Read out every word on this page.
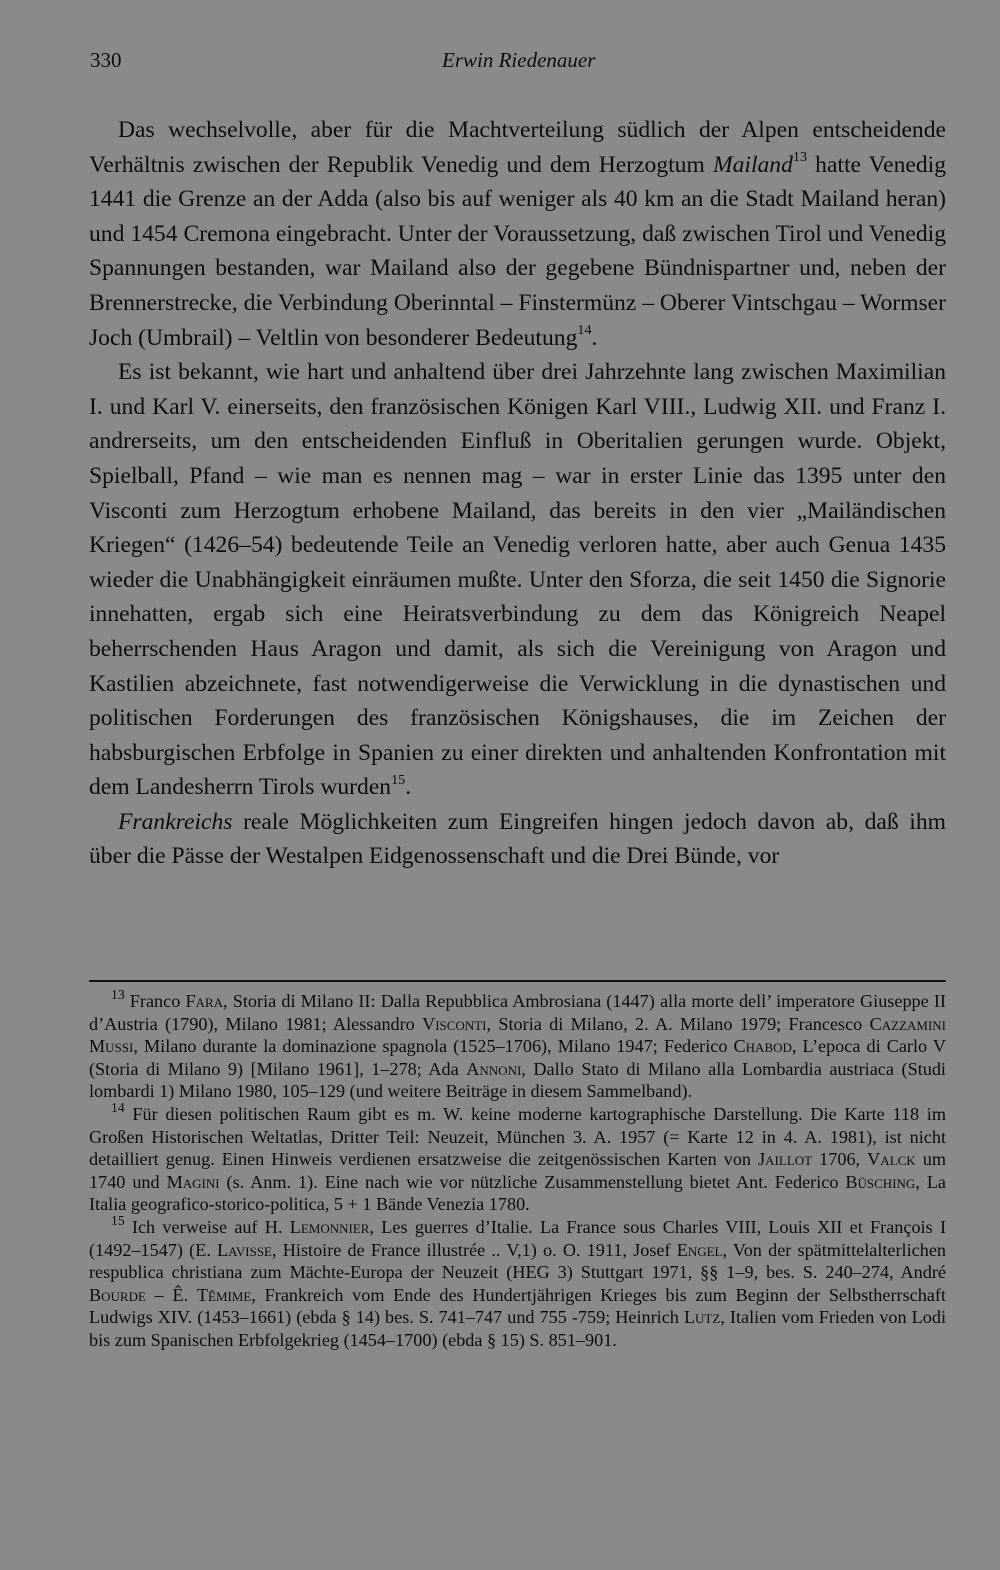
330	Erwin Riedenauer

Das wechselvolle, aber für die Machtverteilung südlich der Alpen entscheidende Verhältnis zwischen der Republik Venedig und dem Herzogtum Mailand$^{13}$ hatte Venedig 1441 die Grenze an der Adda (also bis auf weniger als 40 km an die Stadt Mailand heran) und 1454 Cremona eingebracht. Unter der Voraussetzung, daß zwischen Tirol und Venedig Spannungen bestanden, war Mailand also der gegebene Bündnispartner und, neben der Brennerstrecke, die Verbindung Oberinntal – Finstermünz – Oberer Vintschgau – Wormser Joch (Umbrail) – Veltlin von besonderer Bedeutung$^{14}$.

Es ist bekannt, wie hart und anhaltend über drei Jahrzehnte lang zwischen Maximilian I. und Karl V. einerseits, den französischen Königen Karl VIII., Ludwig XII. und Franz I. andrerseits, um den entscheidenden Einfluß in Oberitalien gerungen wurde. Objekt, Spielball, Pfand – wie man es nennen mag – war in erster Linie das 1395 unter den Visconti zum Herzogtum erhobene Mailand, das bereits in den vier „Mailändischen Kriegen“ (1426–54) bedeutende Teile an Venedig verloren hatte, aber auch Genua 1435 wieder die Unabhängigkeit einräumen mußte. Unter den Sforza, die seit 1450 die Signorie innehatten, ergab sich eine Heiratsverbindung zu dem das Königreich Neapel beherrschenden Haus Aragon und damit, als sich die Vereinigung von Aragon und Kastilien abzeichnete, fast notwendigerweise die Verwicklung in die dynastischen und politischen Forderungen des französischen Königshauses, die im Zeichen der habsburgischen Erbfolge in Spanien zu einer direkten und anhaltenden Konfrontation mit dem Landesherrn Tirols wurden$^{15}$.

Frankreichs reale Möglichkeiten zum Eingreifen hingen jedoch davon ab, daß ihm über die Pässe der Westalpen Eidgenossenschaft und die Drei Bünde, vor

$^{13}$ Franco Fara, Storia di Milano II: Dalla Repubblica Ambrosiana (1447) alla morte dell’ imperatore Giuseppe II d’Austria (1790), Milano 1981; Alessandro Visconti, Storia di Milano, 2. A. Milano 1979; Francesco Cazzamini Mussi, Milano durante la dominazione spagnola (1525–1706), Milano 1947; Federico Chabod, L’epoca di Carlo V (Storia di Milano 9) [Milano 1961], 1–278; Ada Annoni, Dallo Stato di Milano alla Lombardia austriaca (Studi lombardi 1) Milano 1980, 105–129 (und weitere Beiträge in diesem Sammelband).

$^{14}$ Für diesen politischen Raum gibt es m. W. keine moderne kartographische Darstellung. Die Karte 118 im Großen Historischen Weltatlas, Dritter Teil: Neuzeit, München 3. A. 1957 (= Karte 12 in 4. A. 1981), ist nicht detailliert genug. Einen Hinweis verdienen ersatzweise die zeitgenössischen Karten von Jaillot 1706, Valck um 1740 und Magini (s. Anm. 1). Eine nach wie vor nützliche Zusammenstellung bietet Ant. Federico Büsching, La Italia geografico-storico-politica, 5 + 1 Bände Venezia 1780.

$^{15}$ Ich verweise auf H. Lemonnier, Les guerres d’Italie. La France sous Charles VIII, Louis XII et François I (1492–1547) (E. Lavisse, Histoire de France illustrée .. V,1) o. O. 1911, Josef Engel, Von der spätmittelalterlichen respublica christiana zum Mächte-Europa der Neuzeit (HEG 3) Stuttgart 1971, §§ 1–9, bes. S. 240–274, André Bourde – Ê. Têmime, Frankreich vom Ende des Hundertjährigen Krieges bis zum Beginn der Selbstherrschaft Ludwigs XIV. (1453–1661) (ebda § 14) bes. S. 741–747 und 755 -759; Heinrich Lutz, Italien vom Frieden von Lodi bis zum Spanischen Erbfolgekrieg (1454–1700) (ebda § 15) S. 851–901.
